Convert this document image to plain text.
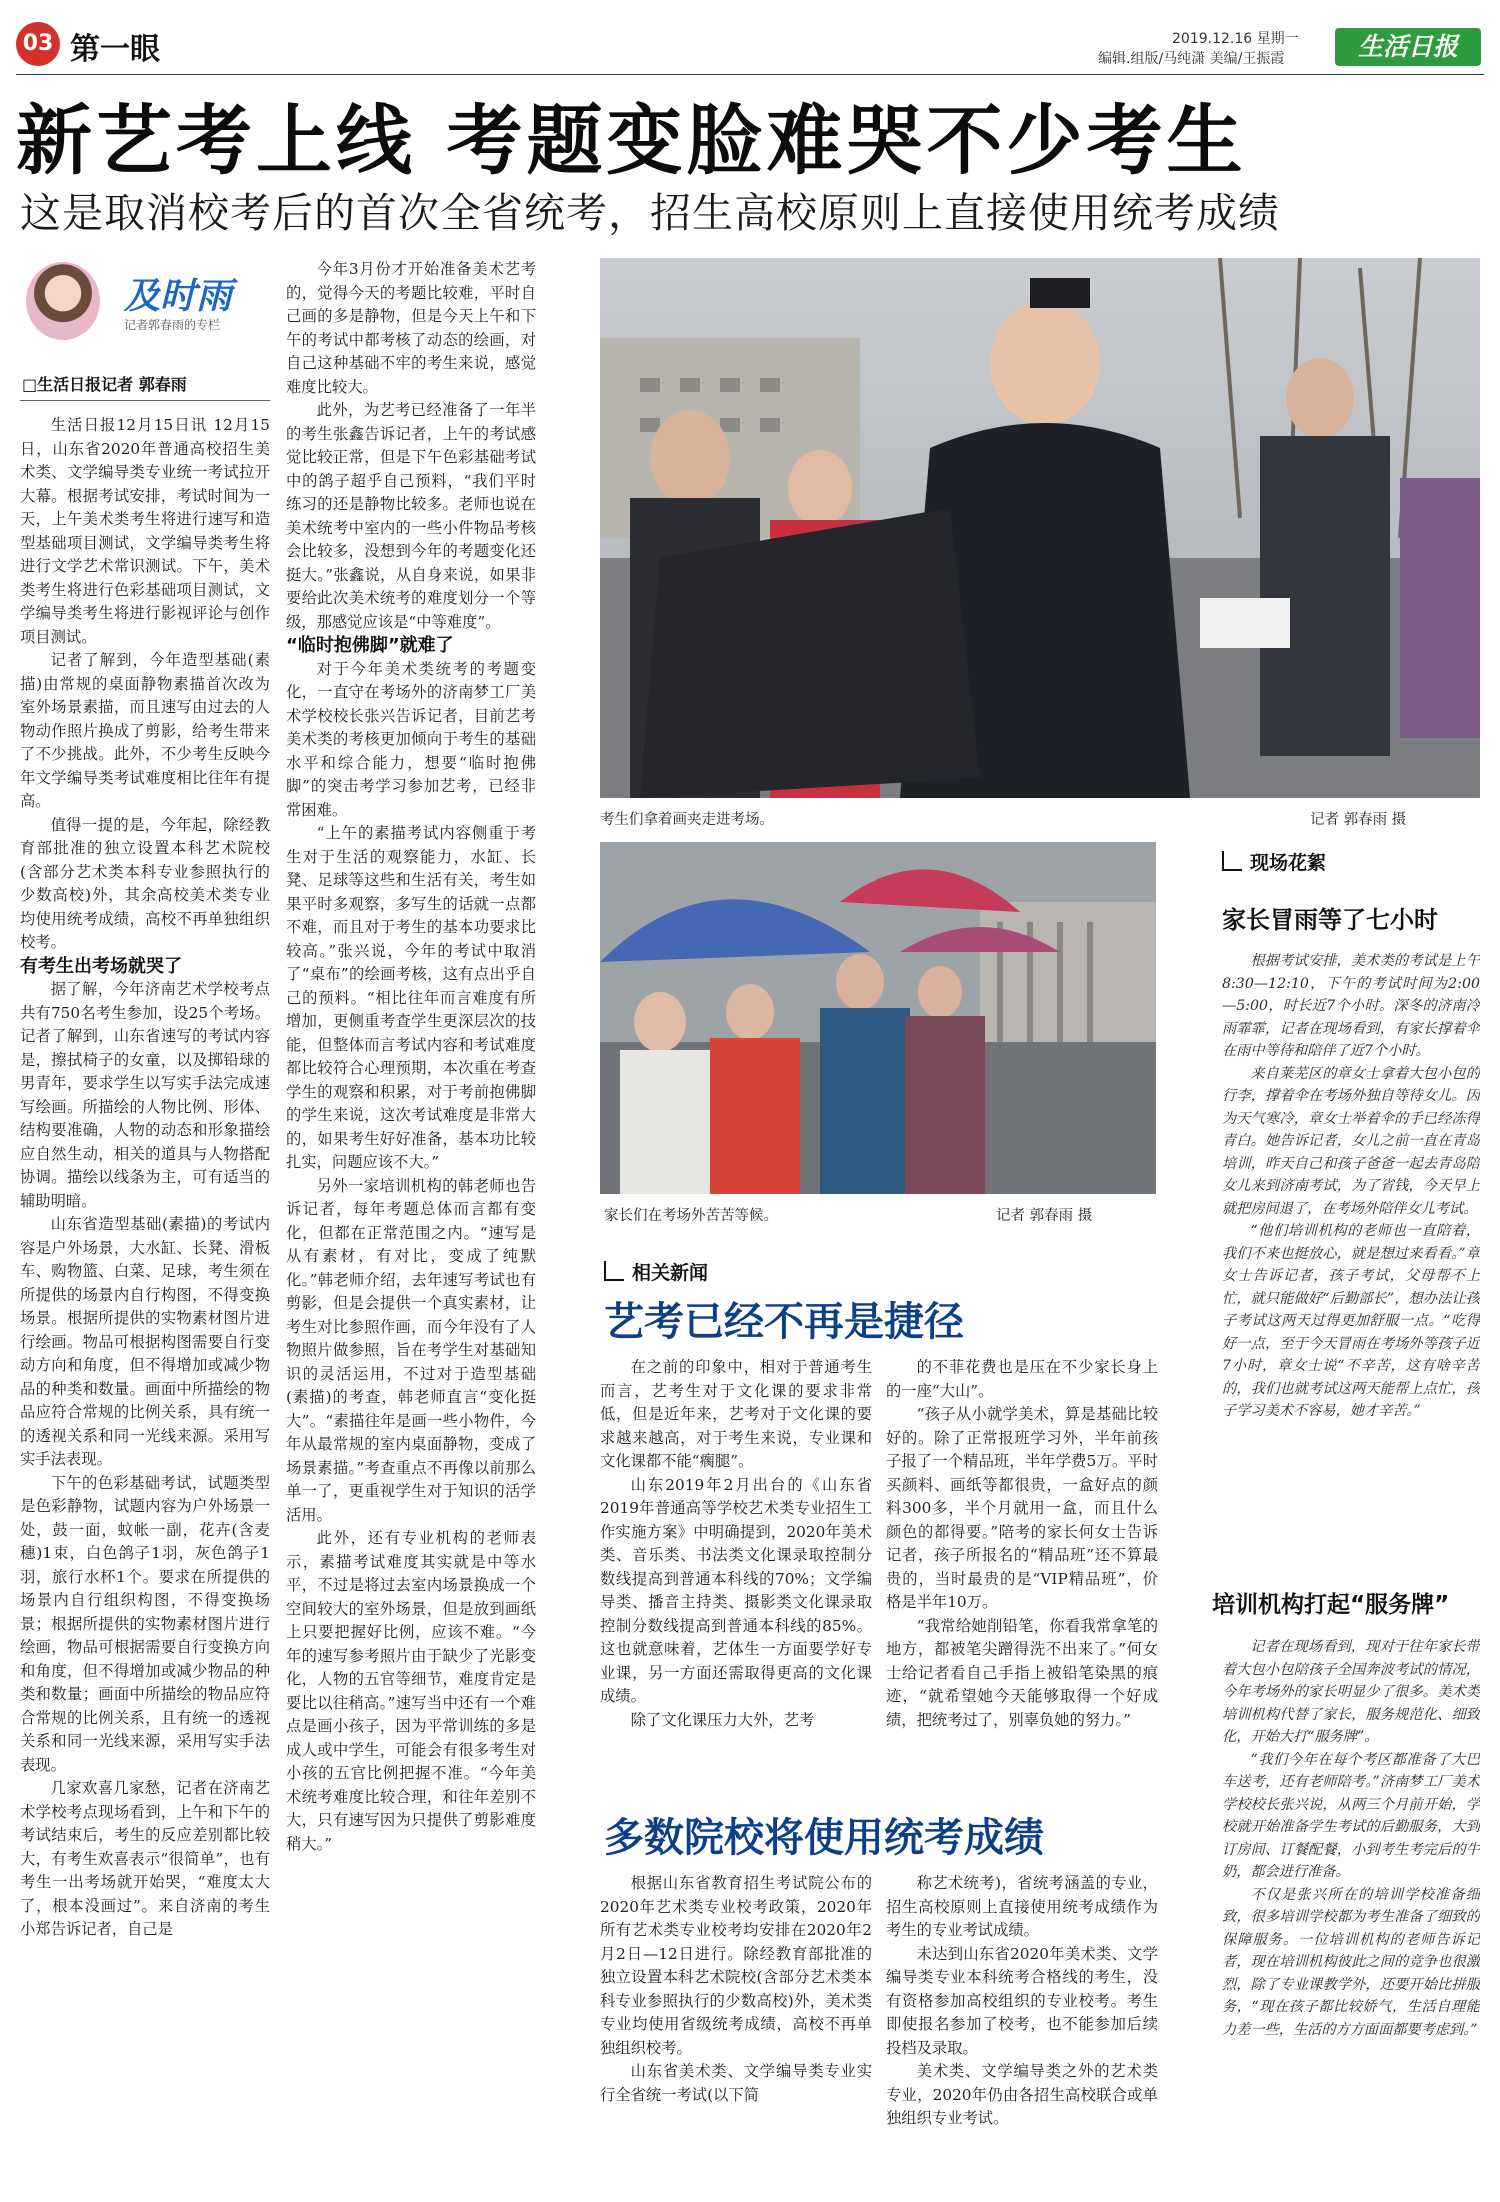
03 第一眼	2019.12.16 星期一
编辑.组版/马纯潇 美编/王振霞	生活日报
新艺考上线 考题变脸难哭不少考生
这是取消校考后的首次全省统考，招生高校原则上直接使用统考成绩
及时雨
记者郭春雨的专栏
□生活日报记者 郭春雨

生活日报12月15日讯 12月15日，山东省2020年普通高校招生美术类、文学编导类专业统一考试拉开大幕。根据考试安排，考试时间为一天，上午美术类考生将进行速写和造型基础项目测试，文学编导类考生将进行文学艺术常识测试。下午，美术类考生将进行色彩基础项目测试，文学编导类考生将进行影视评论与创作项目测试。

记者了解到，今年造型基础(素描)由常规的桌面静物素描首次改为室外场景素描，而且速写由过去的人物动作照片换成了剪影，给考生带来了不少挑战。此外，不少考生反映今年文学编导类考试难度相比往年有提高。

值得一提的是，今年起，除经教育部批准的独立设置本科艺术院校(含部分艺术类本科专业参照执行的少数高校)外，其余高校美术类专业均使用统考成绩，高校不再单独组织校考。

有考生出考场就哭了

据了解，今年济南艺术学校考点共有750名考生参加，设25个考场。记者了解到，山东省速写的考试内容是，擦拭椅子的女童，以及掷铅球的男青年，要求学生以写实手法完成速写绘画。所描绘的人物比例、形体、结构要准确，人物的动态和形象描绘应自然生动，相关的道具与人物搭配协调。描绘以线条为主，可有适当的辅助明暗。

山东省造型基础(素描)的考试内容是户外场景，大水缸、长凳、滑板车、购物篮、白菜、足球，考生须在所提供的场景内自行构图，不得变换场景。根据所提供的实物素材图片进行绘画。物品可根据构图需要自行变动方向和角度，但不得增加或减少物品的种类和数量。画面中所描绘的物品应符合常规的比例关系，具有统一的透视关系和同一光线来源。采用写实手法表现。

下午的色彩基础考试，试题类型是色彩静物，试题内容为户外场景一处，鼓一面，蚊帐一副，花卉(含麦穗)1束，白色鸽子1羽，灰色鸽子1羽，旅行水杯1个。要求在所提供的场景内自行组织构图，不得变换场景；根据所提供的实物素材图片进行绘画，物品可根据需要自行变换方向和角度，但不得增加或减少物品的种类和数量；画面中所描绘的物品应符合常规的比例关系，且有统一的透视关系和同一光线来源，采用写实手法表现。

几家欢喜几家愁，记者在济南艺术学校考点现场看到，上午和下午的考试结束后，考生的反应差别都比较大，有考生欢喜表示“很简单”，也有考生一出考场就开始哭，“难度太大了，根本没画过”。来自济南的考生小郑告诉记者，自己是

今年3月份才开始准备美术艺考的，觉得今天的考题比较难，平时自己画的多是静物，但是今天上午和下午的考试中都考核了动态的绘画，对自己这种基础不牢的考生来说，感觉难度比较大。

此外，为艺考已经准备了一年半的考生张鑫告诉记者，上午的考试感觉比较正常，但是下午色彩基础考试中的鸽子超乎自己预料，“我们平时练习的还是静物比较多。老师也说在美术统考中室内的一些小件物品考核会比较多，没想到今年的考题变化还挺大。”张鑫说，从自身来说，如果非要给此次美术统考的难度划分一个等级，那感觉应该是“中等难度”。

“临时抱佛脚”就难了

对于今年美术类统考的考题变化，一直守在考场外的济南梦工厂美术学校校长张兴告诉记者，目前艺考美术类的考核更加倾向于考生的基础水平和综合能力，想要“临时抱佛脚”的突击考学习参加艺考，已经非常困难。

“上午的素描考试内容侧重于考生对于生活的观察能力，水缸、长凳、足球等这些和生活有关，考生如果平时多观察，多写生的话就一点都不难，而且对于考生的基本功要求比较高。”张兴说，今年的考试中取消了“桌布”的绘画考核，这有点出乎自己的预料。“相比往年而言难度有所增加，更侧重考查学生更深层次的技能，但整体而言考试内容和考试难度都比较符合心理预期，本次重在考查学生的观察和积累，对于考前抱佛脚的学生来说，这次考试难度是非常大的，如果考生好好准备，基本功比较扎实，问题应该不大。”

另外一家培训机构的韩老师也告诉记者，每年考题总体而言都有变化，但都在正常范围之内。“速写是从有素材，有对比，变成了纯默化。”韩老师介绍，去年速写考试也有剪影，但是会提供一个真实素材，让考生对比参照作画，而今年没有了人物照片做参照，旨在考学生对基础知识的灵活运用，不过对于造型基础(素描)的考查，韩老师直言“变化挺大”。“素描往年是画一些小物件，今年从最常规的室内桌面静物，变成了场景素描。”考查重点不再像以前那么单一了，更重视学生对于知识的活学活用。

此外，还有专业机构的老师表示，素描考试难度其实就是中等水平，不过是将过去室内场景换成一个空间较大的室外场景，但是放到画纸上只要把握好比例，应该不难。“今年的速写参考照片由于缺少了光影变化，人物的五官等细节，难度肯定是要比以往稍高。”速写当中还有一个难点是画小孩子，因为平常训练的多是成人或中学生，可能会有很多考生对小孩的五官比例把握不准。“今年美术统考难度比较合理，和往年差别不大，只有速写因为只提供了剪影难度稍大。”

考生们拿着画夹走进考场。	记者 郭春雨 摄
家长们在考场外苦苦等候。	记者 郭春雨 摄
相关新闻
艺考已经不再是捷径

在之前的印象中，相对于普通考生而言，艺考生对于文化课的要求非常低，但是近年来，艺考对于文化课的要求越来越高，对于考生来说，专业课和文化课都不能“瘸腿”。

山东2019年2月出台的《山东省2019年普通高等学校艺术类专业招生工作实施方案》中明确提到，2020年美术类、音乐类、书法类文化课录取控制分数线提高到普通本科线的70%；文学编导类、播音主持类、摄影类文化课录取控制分数线提高到普通本科线的85%。这也就意味着，艺体生一方面要学好专业课，另一方面还需取得更高的文化课成绩。

除了文化课压力大外，艺考

的不菲花费也是压在不少家长身上的一座“大山”。

“孩子从小就学美术，算是基础比较好的。除了正常报班学习外，半年前孩子报了一个精品班，半年学费5万。平时买颜料、画纸等都很贵，一盒好点的颜料300多，半个月就用一盒，而且什么颜色的都得要。”陪考的家长何女士告诉记者，孩子所报名的“精品班”还不算最贵的，当时最贵的是“VIP精品班”，价格是半年10万。

“我常给她削铅笔，你看我常拿笔的地方，都被笔尖蹭得洗不出来了。”何女士给记者看自己手指上被铅笔染黑的痕迹，“就希望她今天能够取得一个好成绩，把统考过了，别辜负她的努力。”

多数院校将使用统考成绩

根据山东省教育招生考试院公布的2020年艺术类专业校考政策，2020年所有艺术类专业校考均安排在2020年2月2日—12日进行。除经教育部批准的独立设置本科艺术院校(含部分艺术类本科专业参照执行的少数高校)外，美术类专业均使用省级统考成绩，高校不再单独组织校考。

山东省美术类、文学编导类专业实行全省统一考试(以下简

称艺术统考)，省统考涵盖的专业，招生高校原则上直接使用统考成绩作为考生的专业考试成绩。

未达到山东省2020年美术类、文学编导类专业本科统考合格线的考生，没有资格参加高校组织的专业校考。考生即使报名参加了校考，也不能参加后续投档及录取。

美术类、文学编导类之外的艺术类专业，2020年仍由各招生高校联合或单独组织专业考试。

现场花絮
家长冒雨等了七小时

根据考试安排，美术类的考试是上午8:30—12:10，下午的考试时间为2:00—5:00，时长近7个小时。深冬的济南冷雨霏霏，记者在现场看到，有家长撑着伞在雨中等待和陪伴了近7个小时。

来自莱芜区的章女士拿着大包小包的行李，撑着伞在考场外独自等待女儿。因为天气寒冷，章女士举着伞的手已经冻得青白。她告诉记者，女儿之前一直在青岛培训，昨天自己和孩子爸爸一起去青岛陪女儿来到济南考试，为了省钱，今天早上就把房间退了，在考场外陪伴女儿考试。

“他们培训机构的老师也一直陪着，我们不来也挺放心，就是想过来看看。”章女士告诉记者，孩子考试，父母帮不上忙，就只能做好“后勤部长”，想办法让孩子考试这两天过得更加舒服一点。“吃得好一点，至于今天冒雨在考场外等孩子近7小时，章女士说“不辛苦，这有啥辛苦的，我们也就考试这两天能帮上点忙，孩子学习美术不容易，她才辛苦。”

培训机构打起“服务牌”

记者在现场看到，现对于往年家长带着大包小包陪孩子全国奔波考试的情况，今年考场外的家长明显少了很多。美术类培训机构代替了家长，服务规范化、细致化，开始大打“服务牌”。

“我们今年在每个考区都准备了大巴车送考，还有老师陪考。”济南梦工厂美术学校校长张兴说，从两三个月前开始，学校就开始准备学生考试的后勤服务，大到订房间、订餐配餐，小到考生考完后的牛奶，都会进行准备。

不仅是张兴所在的培训学校准备细致，很多培训学校都为考生准备了细致的保障服务。一位培训机构的老师告诉记者，现在培训机构彼此之间的竞争也很激烈，除了专业课教学外，还要开始比拼服务，“现在孩子都比较娇气，生活自理能力差一些，生活的方方面面都要考虑到。”
